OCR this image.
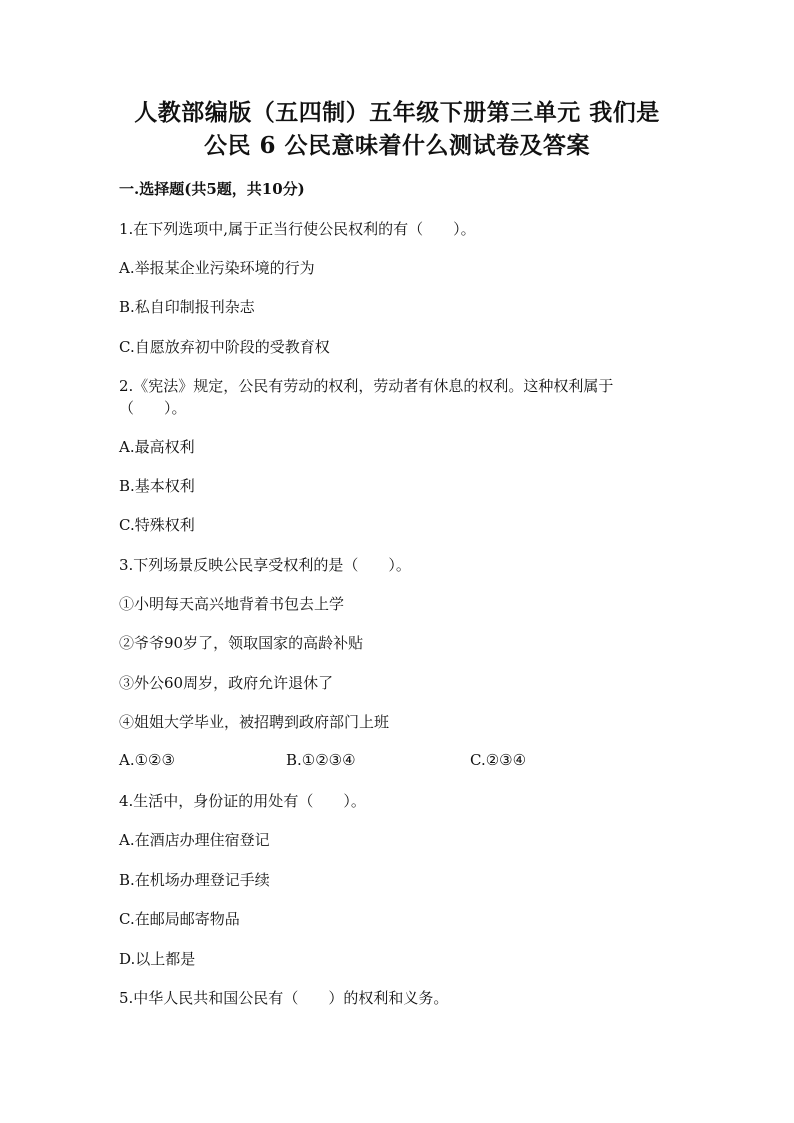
人教部编版（五四制）五年级下册第三单元 我们是
公民 6 公民意味着什么测试卷及答案
一.选择题(共5题，共10分)
1.在下列选项中,属于正当行使公民权利的有（　　）。
A.举报某企业污染环境的行为
B.私自印制报刊杂志
C.自愿放弃初中阶段的受教育权
2.《宪法》规定，公民有劳动的权利，劳动者有休息的权利。这种权利属于
（　　）。
A.最高权利
B.基本权利
C.特殊权利
3.下列场景反映公民享受权利的是（　　）。
①小明每天高兴地背着书包去上学
②爷爷90岁了，领取国家的高龄补贴
③外公60周岁，政府允许退休了
④姐姐大学毕业，被招聘到政府部门上班
A.①②③	B.①②③④	C.②③④
4.生活中，身份证的用处有（　　）。
A.在酒店办理住宿登记
B.在机场办理登记手续
C.在邮局邮寄物品
D.以上都是
5.中华人民共和国公民有（　　）的权利和义务。
